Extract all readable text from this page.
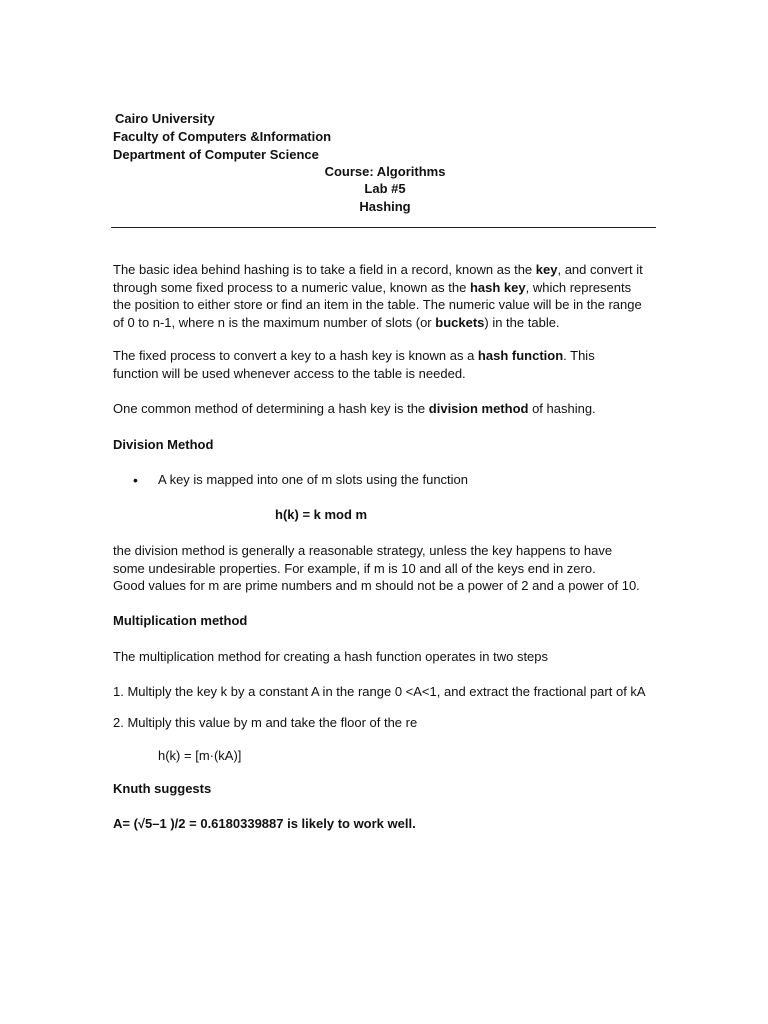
Cairo University
Faculty of Computers &Information
Department of Computer Science
Course: Algorithms
Lab #5
Hashing

The basic idea behind hashing is to take a field in a record, known as the key, and convert it through some fixed process to a numeric value, known as the hash key, which represents the position to either store or find an item in the table. The numeric value will be in the range of 0 to n-1, where n is the maximum number of slots (or buckets) in the table.

The fixed process to convert a key to a hash key is known as a hash function. This function will be used whenever access to the table is needed.

One common method of determining a hash key is the division method of hashing.

Division Method
• A key is mapped into one of m slots using the function
h(k) = k mod m

the division method is generally a reasonable strategy, unless the key happens to have some undesirable properties. For example, if m is 10 and all of the keys end in zero.

Good values for m are prime numbers and m should not be a power of 2 and a power of 10.

Multiplication method
The multiplication method for creating a hash function operates in two steps
1. Multiply the key k by a constant A in the range 0 <A<1, and extract the fractional part of kA
2. Multiply this value by m and take the floor of the re
h(k) = [m·(kA)]
Knuth suggests
A= (√5–1 )/2 = 0.6180339887 is likely to work well.
